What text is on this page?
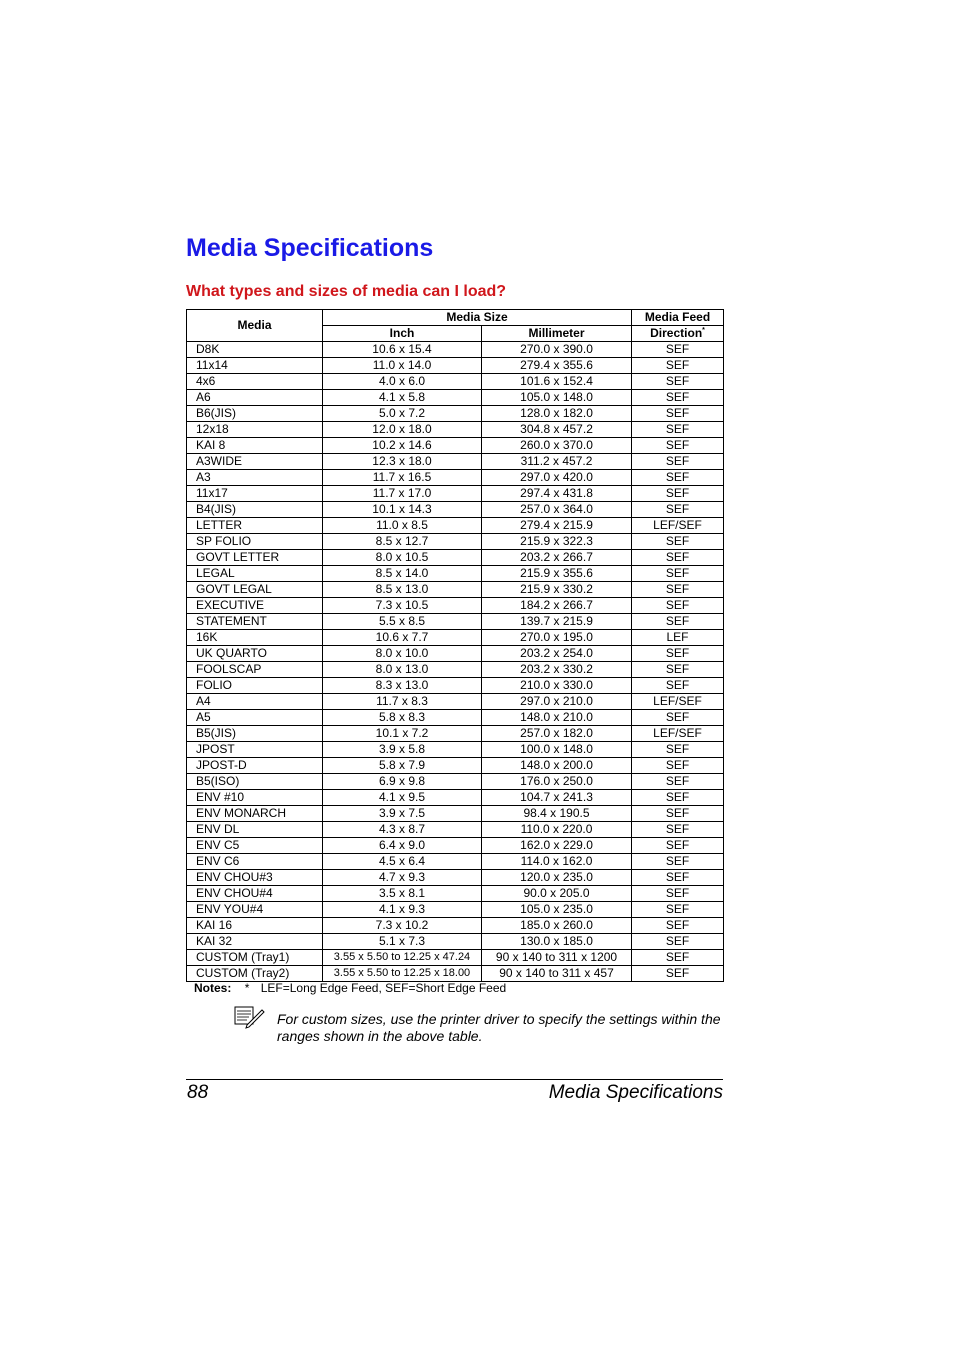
Media Specifications
What types and sizes of media can I load?
Media	Media Size		Media Feed
	Inch	Millimeter	Direction*
D8K	10.6 x 15.4	270.0 x 390.0	SEF
11x14	11.0 x 14.0	279.4 x 355.6	SEF
4x6	4.0 x 6.0	101.6 x 152.4	SEF
A6	4.1 x 5.8	105.0 x 148.0	SEF
B6(JIS)	5.0 x 7.2	128.0 x 182.0	SEF
12x18	12.0 x 18.0	304.8 x 457.2	SEF
KAI 8	10.2 x 14.6	260.0 x 370.0	SEF
A3WIDE	12.3 x 18.0	311.2 x 457.2	SEF
A3	11.7 x 16.5	297.0 x 420.0	SEF
11x17	11.7 x 17.0	297.4 x 431.8	SEF
B4(JIS)	10.1 x 14.3	257.0 x 364.0	SEF
LETTER	11.0 x 8.5	279.4 x 215.9	LEF/SEF
SP FOLIO	8.5 x 12.7	215.9 x 322.3	SEF
GOVT LETTER	8.0 x 10.5	203.2 x 266.7	SEF
LEGAL	8.5 x 14.0	215.9 x 355.6	SEF
GOVT LEGAL	8.5 x 13.0	215.9 x 330.2	SEF
EXECUTIVE	7.3 x 10.5	184.2 x 266.7	SEF
STATEMENT	5.5 x 8.5	139.7 x 215.9	SEF
16K	10.6 x 7.7	270.0 x 195.0	LEF
UK QUARTO	8.0 x 10.0	203.2 x 254.0	SEF
FOOLSCAP	8.0 x 13.0	203.2 x 330.2	SEF
FOLIO	8.3 x 13.0	210.0 x 330.0	SEF
A4	11.7 x 8.3	297.0 x 210.0	LEF/SEF
A5	5.8 x 8.3	148.0 x 210.0	SEF
B5(JIS)	10.1 x 7.2	257.0 x 182.0	LEF/SEF
JPOST	3.9 x 5.8	100.0 x 148.0	SEF
JPOST-D	5.8 x 7.9	148.0 x 200.0	SEF
B5(ISO)	6.9 x 9.8	176.0 x 250.0	SEF
ENV #10	4.1 x 9.5	104.7 x 241.3	SEF
ENV MONARCH	3.9 x 7.5	98.4 x 190.5	SEF
ENV DL	4.3 x 8.7	110.0 x 220.0	SEF
ENV C5	6.4 x 9.0	162.0 x 229.0	SEF
ENV C6	4.5 x 6.4	114.0 x 162.0	SEF
ENV CHOU#3	4.7 x 9.3	120.0 x 235.0	SEF
ENV CHOU#4	3.5 x 8.1	90.0 x 205.0	SEF
ENV YOU#4	4.1 x 9.3	105.0 x 235.0	SEF
KAI 16	7.3 x 10.2	185.0 x 260.0	SEF
KAI 32	5.1 x 7.3	130.0 x 185.0	SEF
CUSTOM (Tray1)	3.55 x 5.50 to 12.25 x 47.24	90 x 140 to 311 x 1200	SEF
CUSTOM (Tray2)	3.55 x 5.50 to 12.25 x 18.00	90 x 140 to 311 x 457	SEF
Notes: * LEF=Long Edge Feed, SEF=Short Edge Feed
For custom sizes, use the printer driver to specify the settings within the ranges shown in the above table.
88	Media Specifications
